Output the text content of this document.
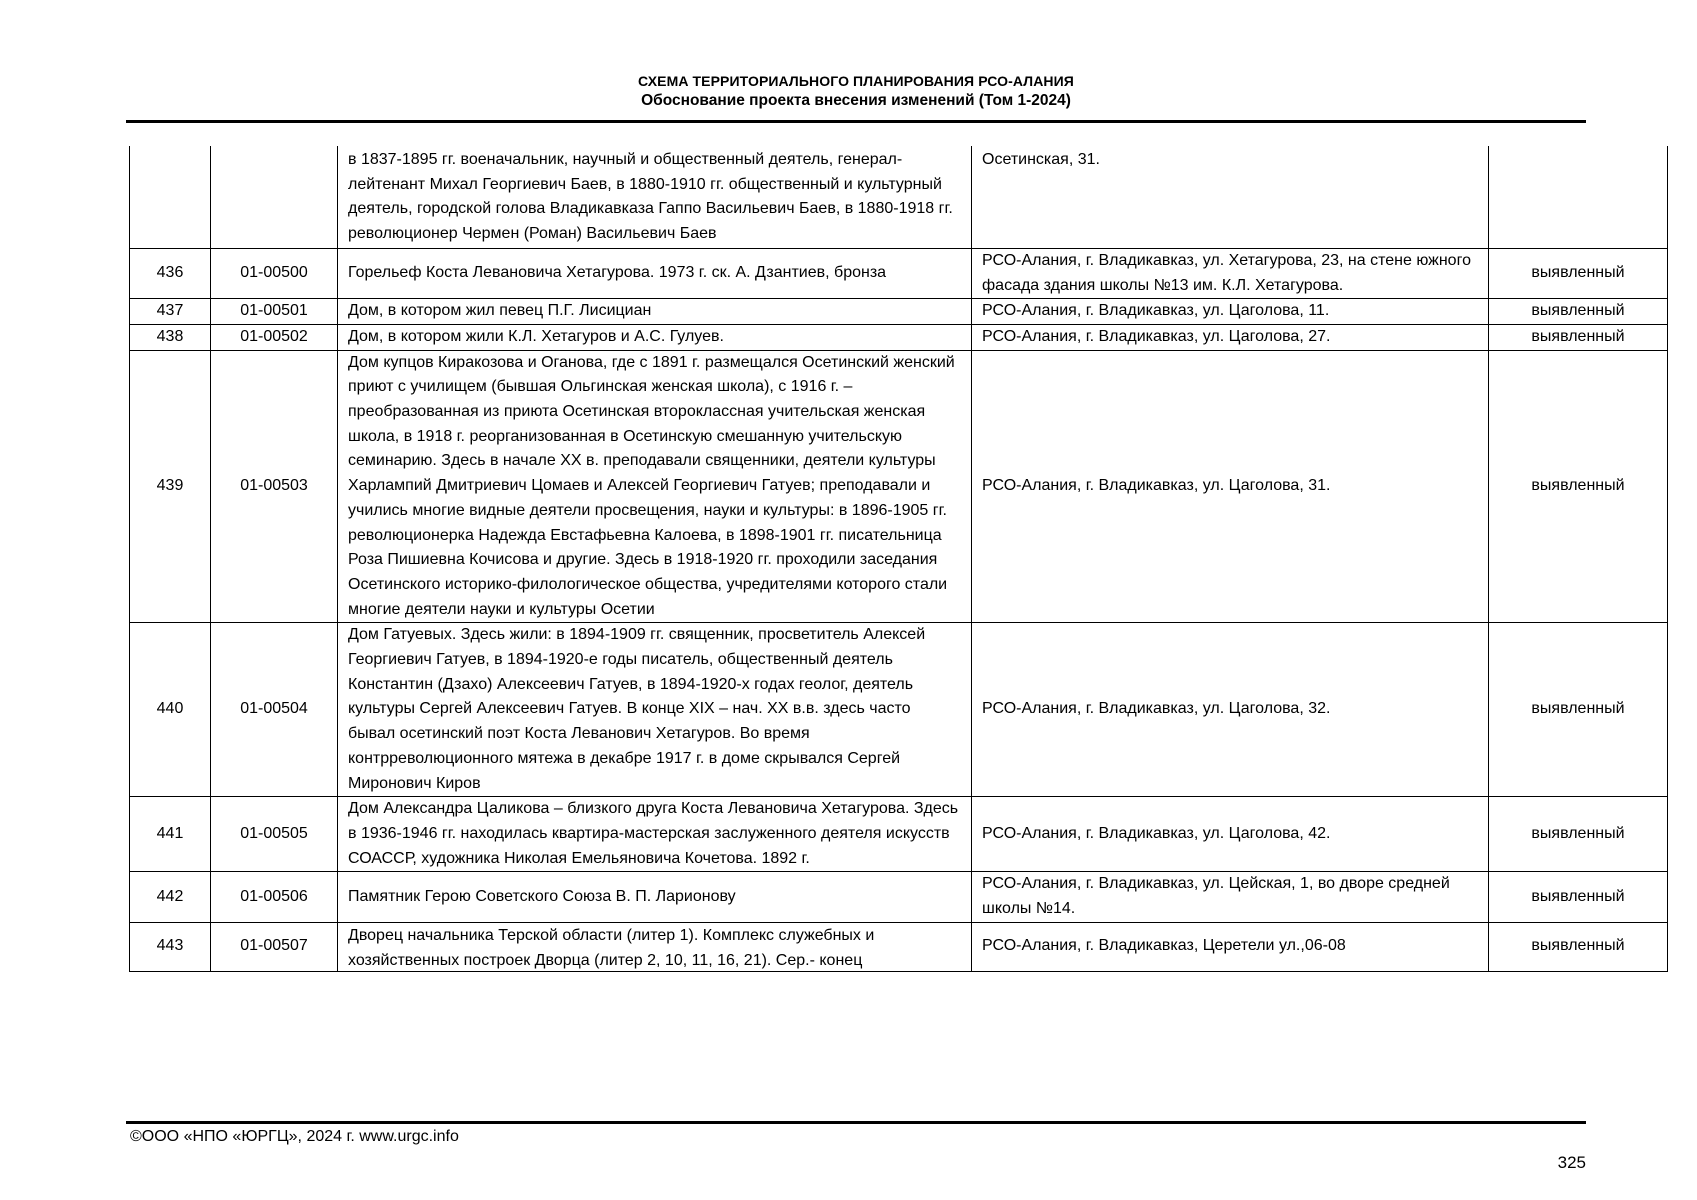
СХЕМА ТЕРРИТОРИАЛЬНОГО ПЛАНИРОВАНИЯ РСО-АЛАНИЯ
Обоснование проекта внесения изменений (Том 1-2024)
		в 1837-1895 гг. военачальник, научный и общественный деятель, генерал-лейтенант Михал Георгиевич Баев, в 1880-1910 гг. общественный и культурный деятель, городской голова Владикавказа Гаппо Васильевич Баев, в 1880-1918 гг. революционер Чермен (Роман) Васильевич Баев	Осетинская, 31.	
436	01-00500	Горельеф Коста Левановича Хетагурова. 1973 г. ск. А. Дзантиев, бронза	РСО-Алания, г. Владикавказ, ул. Хетагурова, 23, на стене южного фасада здания школы №13 им. К.Л. Хетагурова.	выявленный
437	01-00501	Дом, в котором жил певец П.Г. Лисициан	РСО-Алания, г. Владикавказ, ул. Цаголова, 11.	выявленный
438	01-00502	Дом, в котором жили К.Л. Хетагуров и А.С. Гулуев.	РСО-Алания, г. Владикавказ, ул. Цаголова, 27.	выявленный
439	01-00503	Дом купцов Киракозова и Оганова, где с 1891 г. размещался Осетинский женский приют с училищем (бывшая Ольгинская женская школа), с 1916 г. – преобразованная из приюта Осетинская второклассная учительская женская школа, в 1918 г. реорганизованная в Осетинскую смешанную учительскую семинарию. Здесь в начале XX в. преподавали священники, деятели культуры Харлампий Дмитриевич Цомаев и Алексей Георгиевич Гатуев; преподавали и учились многие видные деятели просвещения, науки и культуры: в 1896-1905 гг. революционерка Надежда Евстафьевна Калоева, в 1898-1901 гг. писательница Роза Пишиевна Кочисова и другие. Здесь в 1918-1920 гг. проходили заседания Осетинского историко-филологическое общества, учредителями которого стали многие деятели науки и культуры Осетии	РСО-Алания, г. Владикавказ, ул. Цаголова, 31.	выявленный
440	01-00504	Дом Гатуевых. Здесь жили: в 1894-1909 гг. священник, просветитель Алексей Георгиевич Гатуев, в 1894-1920-е годы писатель, общественный деятель Константин (Дзахо) Алексеевич Гатуев, в 1894-1920-х годах геолог, деятель культуры Сергей Алексеевич Гатуев. В конце XIX – нач. XX в.в. здесь часто бывал осетинский поэт Коста Леванович Хетагуров. Во время контрреволюционного мятежа в декабре 1917 г. в доме скрывался Сергей Миронович Киров	РСО-Алания, г. Владикавказ, ул. Цаголова, 32.	выявленный
441	01-00505	Дом Александра Цаликова – близкого друга Коста Левановича Хетагурова. Здесь в 1936-1946 гг. находилась квартира-мастерская заслуженного деятеля искусств СОАССР, художника Николая Емельяновича Кочетова. 1892 г.	РСО-Алания, г. Владикавказ, ул. Цаголова, 42.	выявленный
442	01-00506	Памятник Герою Советского Союза В. П. Ларионову	РСО-Алания, г. Владикавказ, ул. Цейская, 1, во дворе средней школы №14.	выявленный
443	01-00507	Дворец начальника Терской области (литер 1). Комплекс служебных и хозяйственных построек Дворца (литер 2, 10, 11, 16, 21). Сер.- конец	РСО-Алания, г. Владикавказ, Церетели ул.,06-08	выявленный
©ООО «НПО «ЮРГЦ», 2024 г. www.urgc.info
325
